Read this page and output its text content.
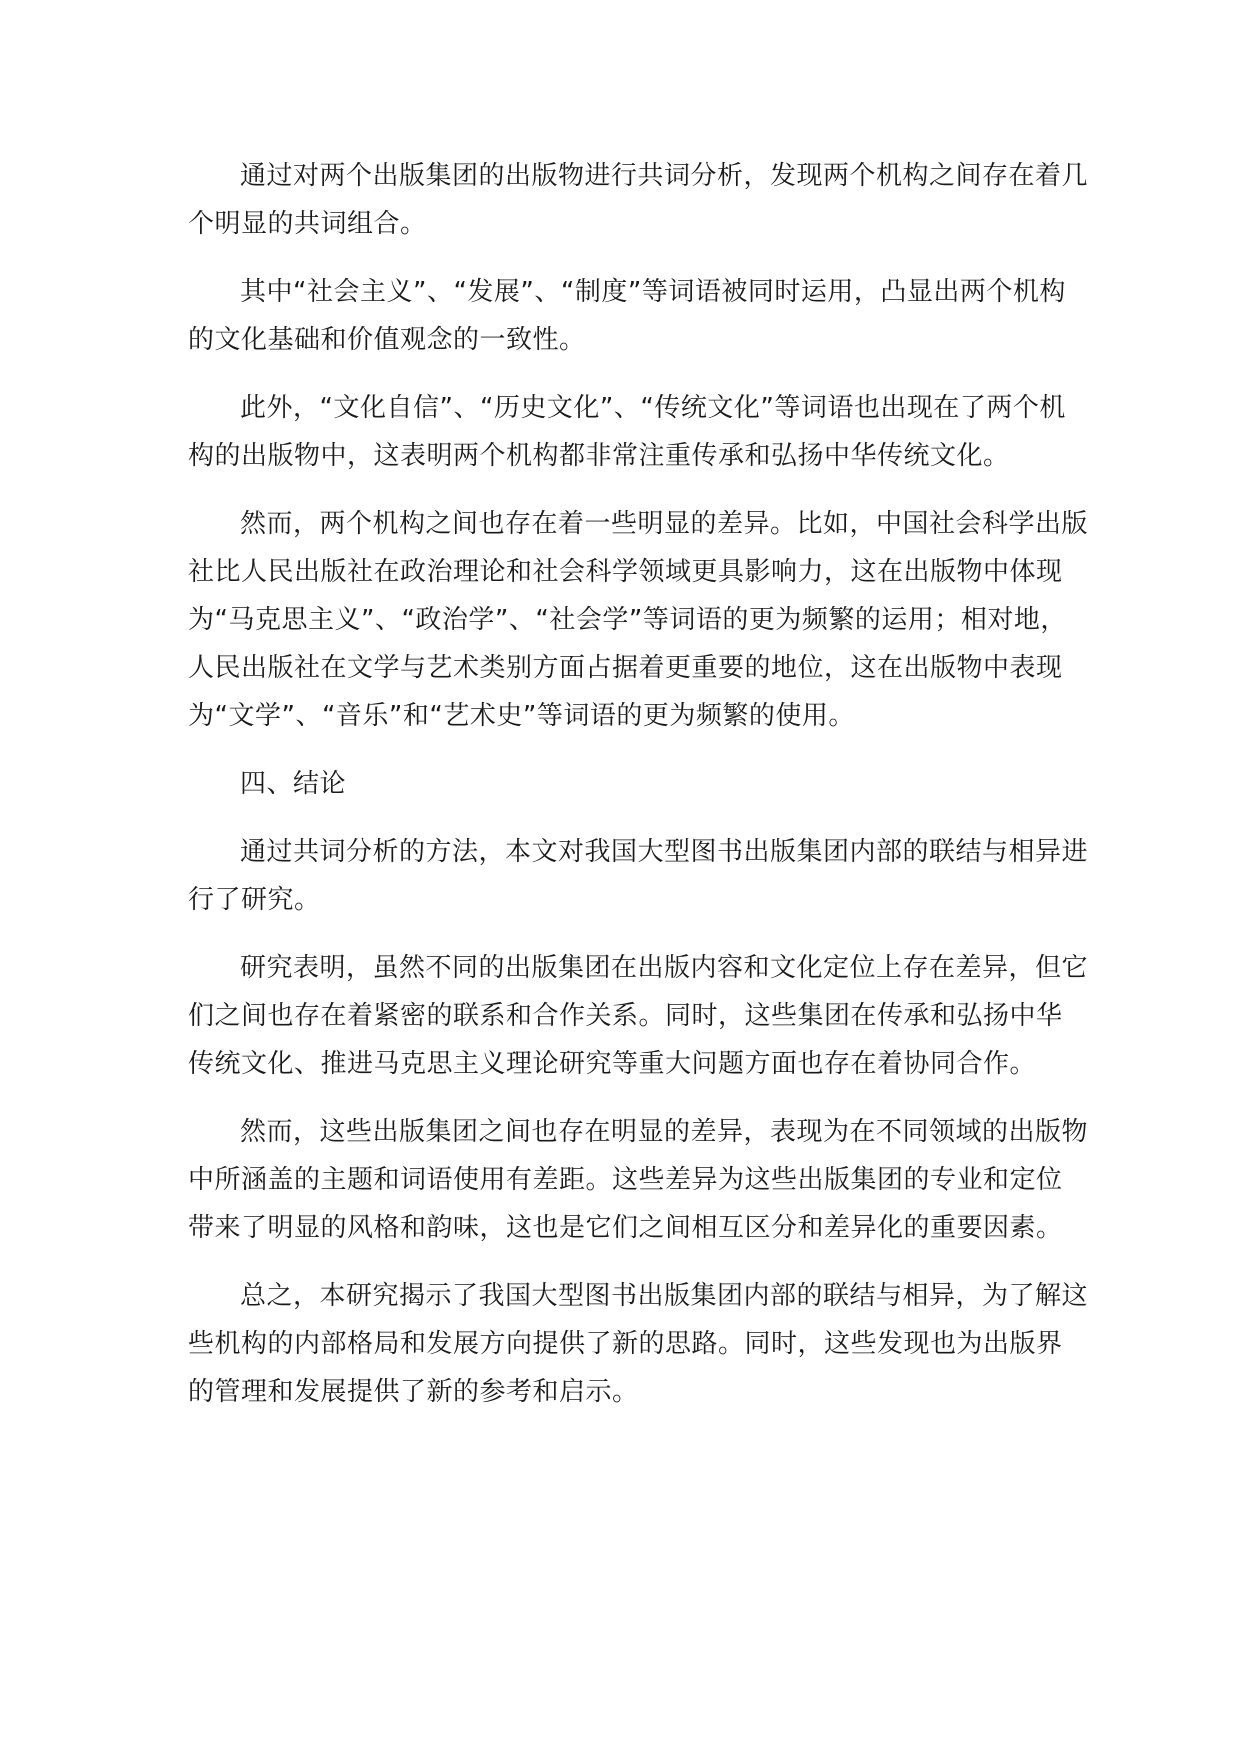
通过对两个出版集团的出版物进行共词分析，发现两个机构之间存在着几个明显的共词组合。

其中“社会主义”、“发展”、“制度”等词语被同时运用，凸显出两个机构的文化基础和价值观念的一致性。

此外，“文化自信”、“历史文化”、“传统文化”等词语也出现在了两个机构的出版物中，这表明两个机构都非常注重传承和弘扬中华传统文化。

然而，两个机构之间也存在着一些明显的差异。比如，中国社会科学出版社比人民出版社在政治理论和社会科学领域更具影响力，这在出版物中体现为“马克思主义”、“政治学”、“社会学”等词语的更为频繁的运用；相对地，人民出版社在文学与艺术类别方面占据着更重要的地位，这在出版物中表现为“文学”、“音乐”和“艺术史”等词语的更为频繁的使用。

四、结论

通过共词分析的方法，本文对我国大型图书出版集团内部的联结与相异进行了研究。

研究表明，虽然不同的出版集团在出版内容和文化定位上存在差异，但它们之间也存在着紧密的联系和合作关系。同时，这些集团在传承和弘扬中华传统文化、推进马克思主义理论研究等重大问题方面也存在着协同合作。

然而，这些出版集团之间也存在明显的差异，表现为在不同领域的出版物中所涵盖的主题和词语使用有差距。这些差异为这些出版集团的专业和定位带来了明显的风格和韵味，这也是它们之间相互区分和差异化的重要因素。

总之，本研究揭示了我国大型图书出版集团内部的联结与相异，为了解这些机构的内部格局和发展方向提供了新的思路。同时，这些发现也为出版界的管理和发展提供了新的参考和启示。
